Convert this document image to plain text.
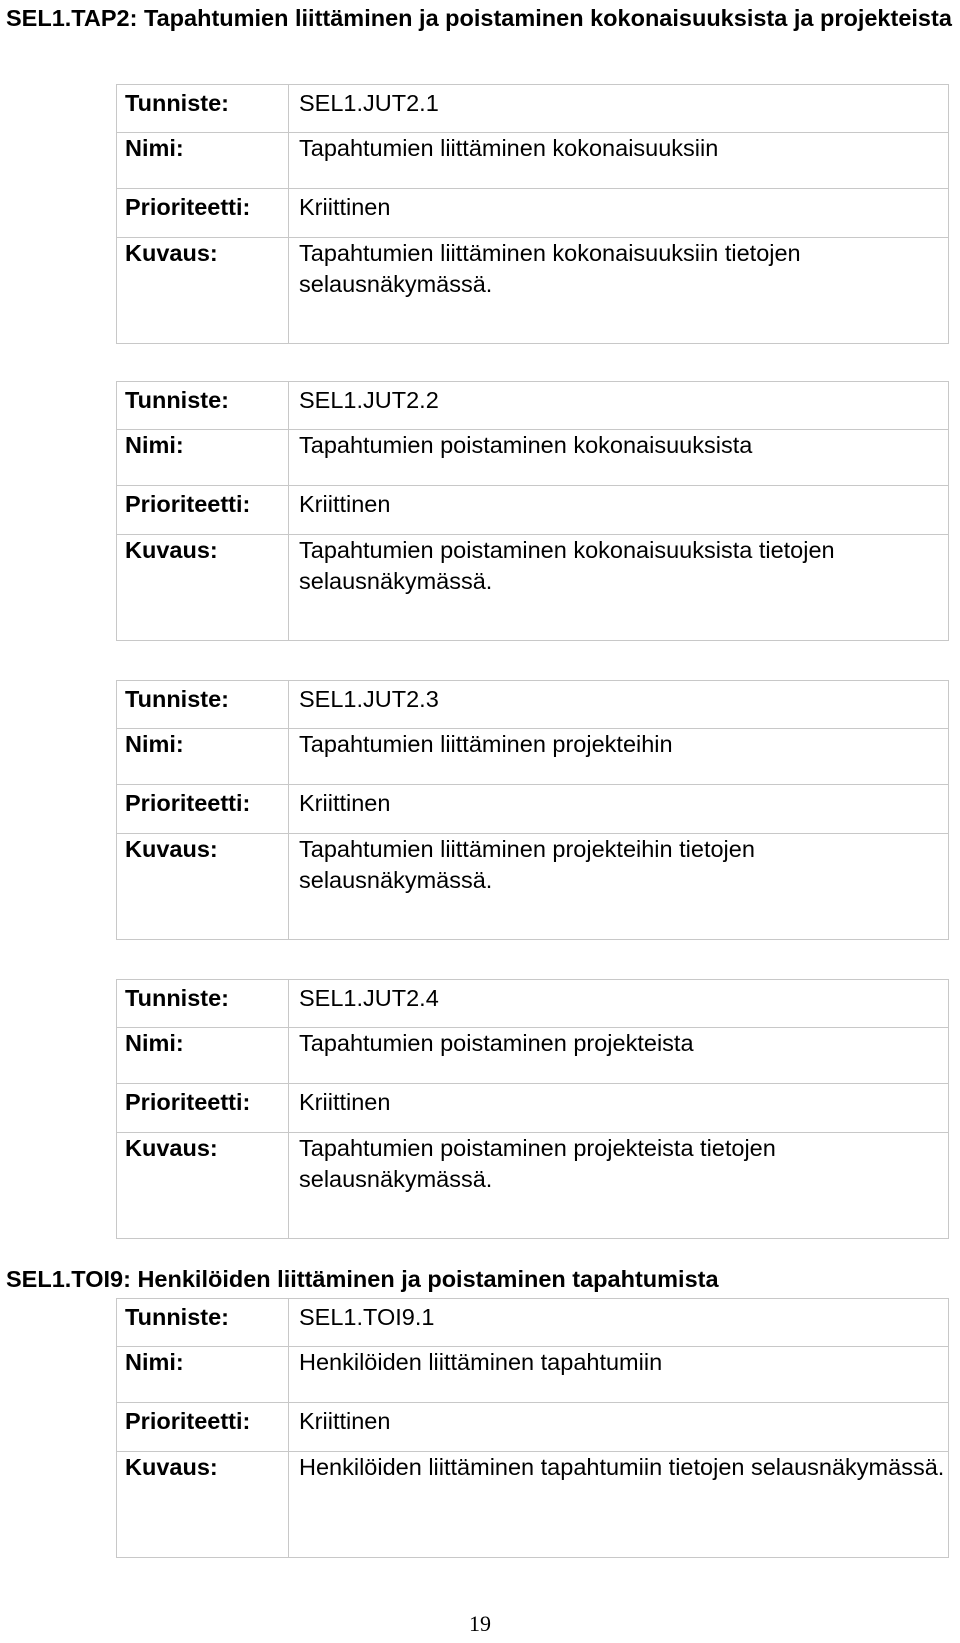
SEL1.TAP2: Tapahtumien liittäminen ja poistaminen kokonaisuuksista ja projekteista
Tunniste:	SEL1.JUT2.1
Nimi:	Tapahtumien liittäminen kokonaisuuksiin
Prioriteetti:	Kriittinen
Kuvaus:	Tapahtumien liittäminen kokonaisuuksiin tietojen selausnäkymässä.
Tunniste:	SEL1.JUT2.2
Nimi:	Tapahtumien poistaminen kokonaisuuksista
Prioriteetti:	Kriittinen
Kuvaus:	Tapahtumien poistaminen kokonaisuuksista tietojen selausnäkymässä.
Tunniste:	SEL1.JUT2.3
Nimi:	Tapahtumien liittäminen projekteihin
Prioriteetti:	Kriittinen
Kuvaus:	Tapahtumien liittäminen projekteihin tietojen selausnäkymässä.
Tunniste:	SEL1.JUT2.4
Nimi:	Tapahtumien poistaminen projekteista
Prioriteetti:	Kriittinen
Kuvaus:	Tapahtumien poistaminen projekteista tietojen selausnäkymässä.
SEL1.TOI9: Henkilöiden liittäminen ja poistaminen tapahtumista
Tunniste:	SEL1.TOI9.1
Nimi:	Henkilöiden liittäminen tapahtumiin
Prioriteetti:	Kriittinen
Kuvaus:	Henkilöiden liittäminen tapahtumiin tietojen selausnäkymässä.
19
